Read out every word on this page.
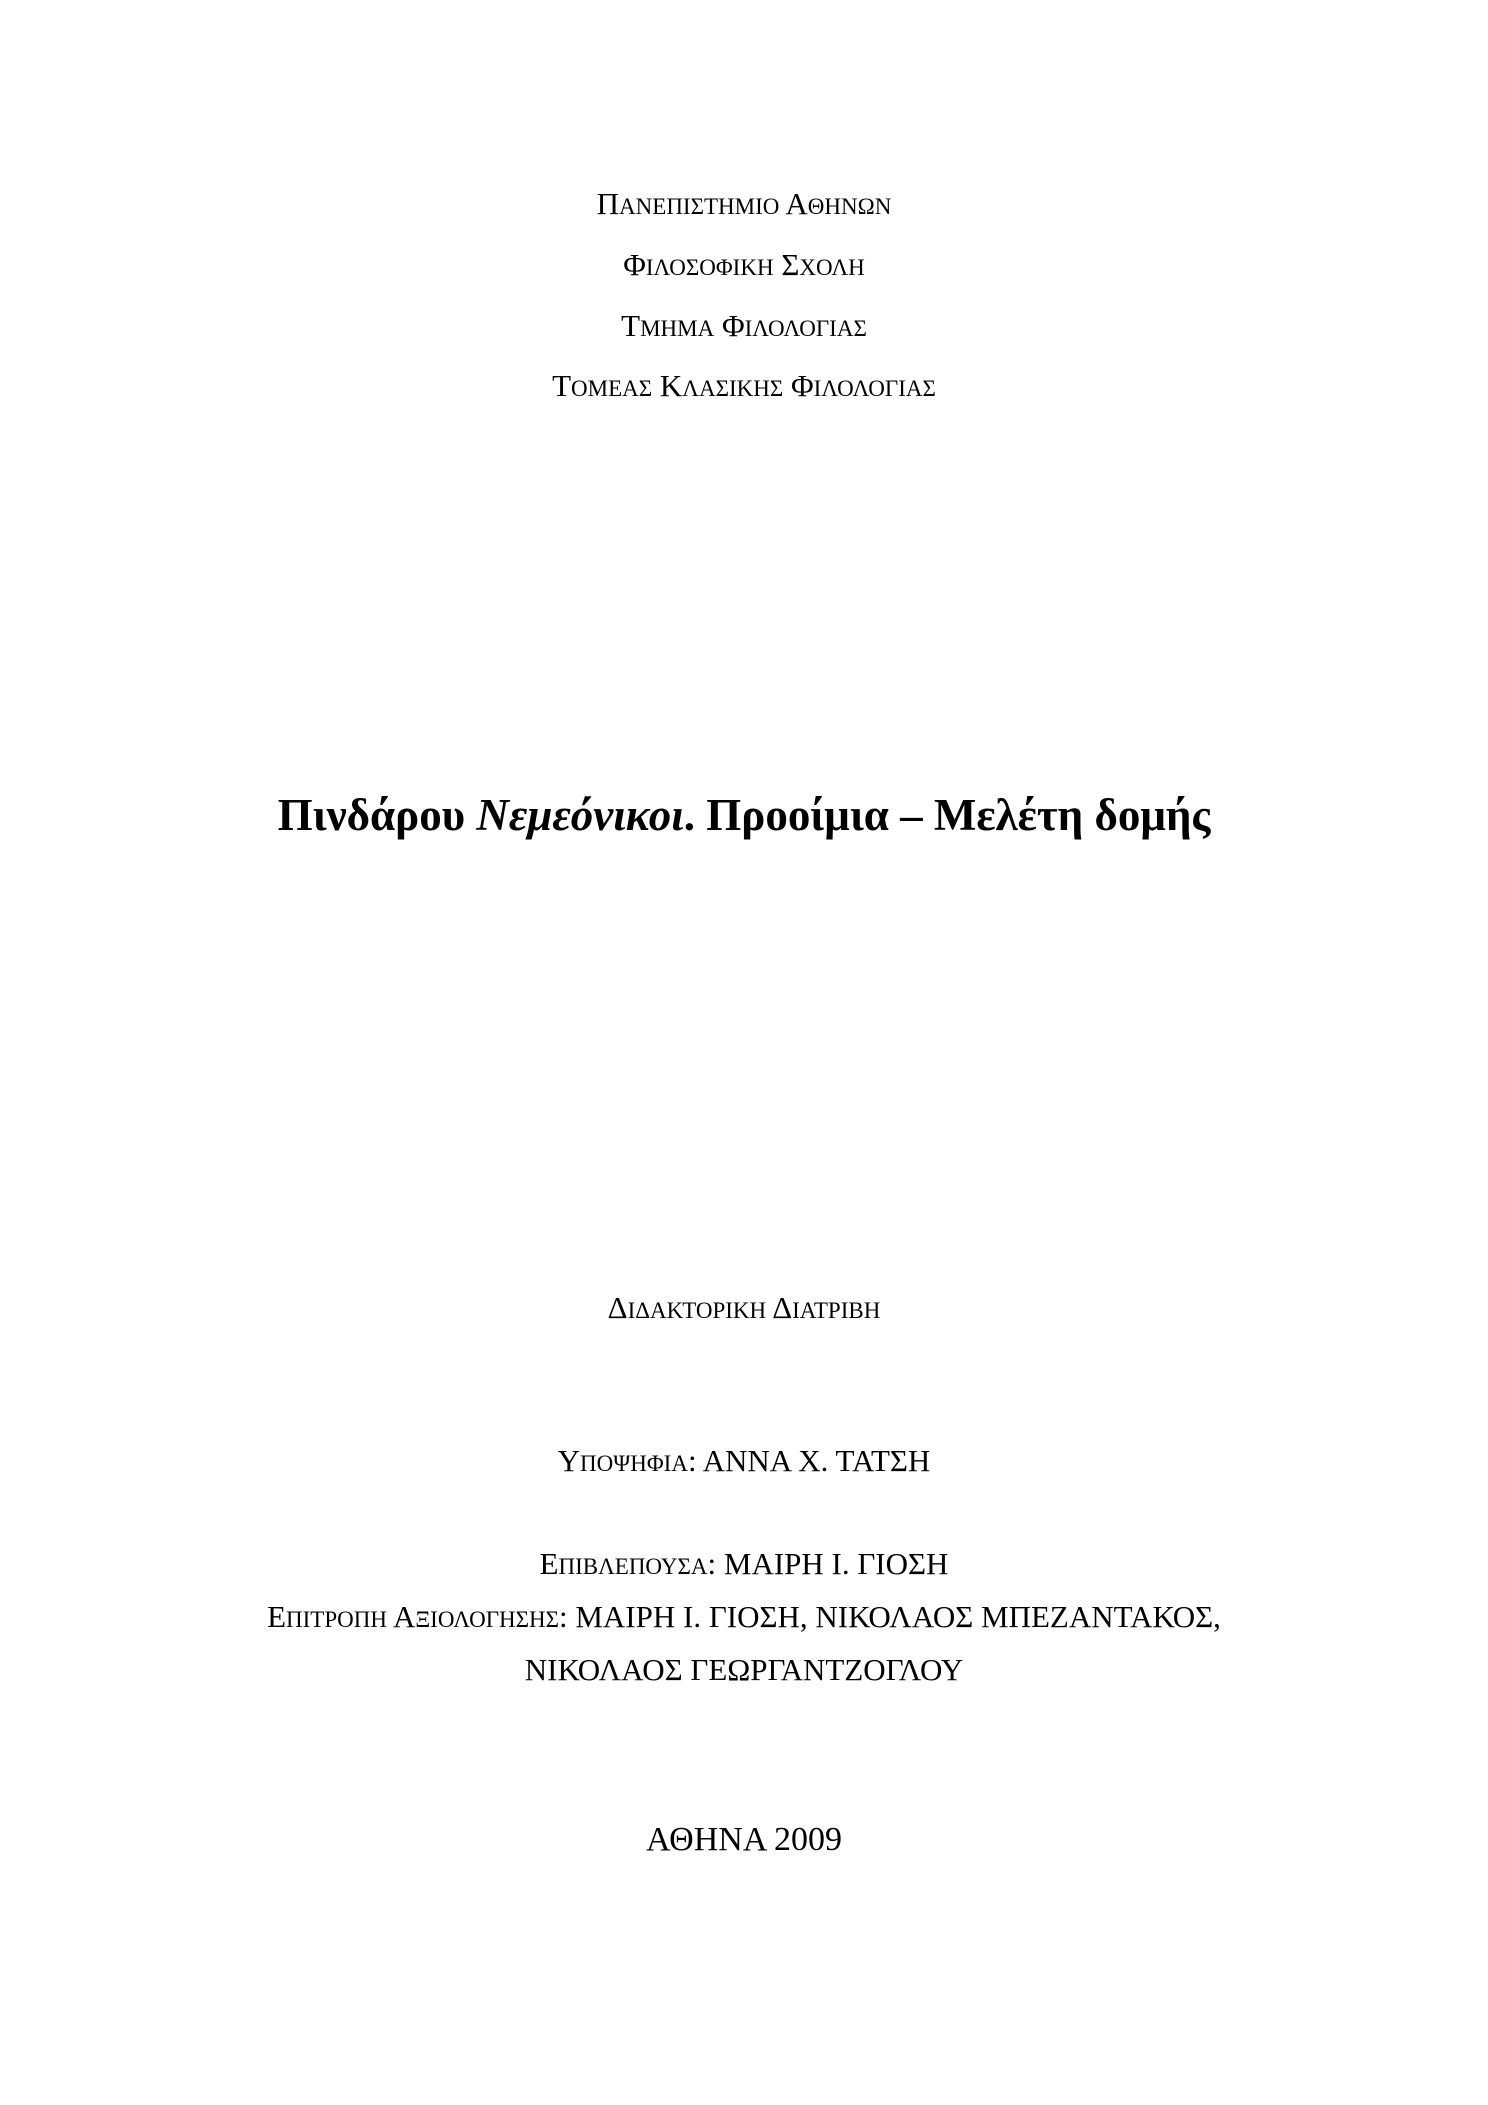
ΠΑΝΕΠΙΣΤΗΜΙΟ ΑΘΗΝΩΝ
ΦΙΛΟΣΟΦΙΚΗ ΣΧΟΛΗ
ΤΜΗΜΑ ΦΙΛΟΛΟΓΙΑΣ
ΤΟΜΕΑΣ ΚΛΑΣΙΚΗΣ ΦΙΛΟΛΟΓΙΑΣ
Πινδάρου Νεμεόνικοι. Προοίμια – Μελέτη δομής
ΔΙΔΑΚΤΟΡΙΚΗ ΔΙΑΤΡΙΒΗ
ΥΠΟΨΗΦΙΑ: ΑΝΝΑ Χ. ΤΑΤΣΗ
ΕΠΙΒΛΕΠΟΥΣΑ: ΜΑΙΡΗ Ι. ΓΙΟΣΗ
ΕΠΙΤΡΟΠΗ ΑΞΙΟΛΟΓΗΣΗΣ: ΜΑΙΡΗ Ι. ΓΙΟΣΗ, ΝΙΚΟΛΑΟΣ ΜΠΕΖΑΝΤΑΚΟΣ,
ΝΙΚΟΛΑΟΣ ΓΕΩΡΓΑΝΤΖΟΓΛΟΥ
ΑΘΗΝΑ 2009
